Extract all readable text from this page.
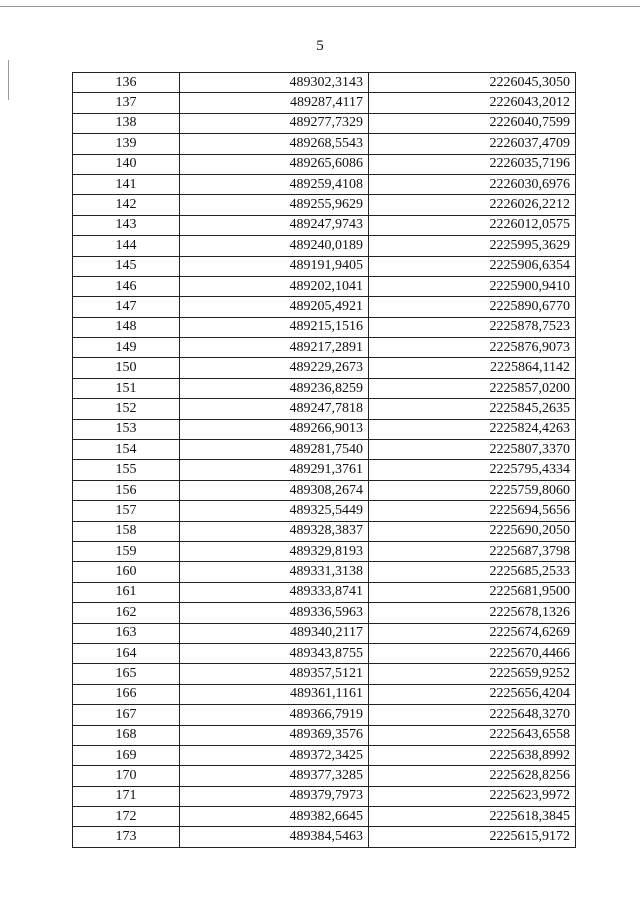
5
136	489302,3143	2226045,3050
137	489287,4117	2226043,2012
138	489277,7329	2226040,7599
139	489268,5543	2226037,4709
140	489265,6086	2226035,7196
141	489259,4108	2226030,6976
142	489255,9629	2226026,2212
143	489247,9743	2226012,0575
144	489240,0189	2225995,3629
145	489191,9405	2225906,6354
146	489202,1041	2225900,9410
147	489205,4921	2225890,6770
148	489215,1516	2225878,7523
149	489217,2891	2225876,9073
150	489229,2673	2225864,1142
151	489236,8259	2225857,0200
152	489247,7818	2225845,2635
153	489266,9013	2225824,4263
154	489281,7540	2225807,3370
155	489291,3761	2225795,4334
156	489308,2674	2225759,8060
157	489325,5449	2225694,5656
158	489328,3837	2225690,2050
159	489329,8193	2225687,3798
160	489331,3138	2225685,2533
161	489333,8741	2225681,9500
162	489336,5963	2225678,1326
163	489340,2117	2225674,6269
164	489343,8755	2225670,4466
165	489357,5121	2225659,9252
166	489361,1161	2225656,4204
167	489366,7919	2225648,3270
168	489369,3576	2225643,6558
169	489372,3425	2225638,8992
170	489377,3285	2225628,8256
171	489379,7973	2225623,9972
172	489382,6645	2225618,3845
173	489384,5463	2225615,9172
